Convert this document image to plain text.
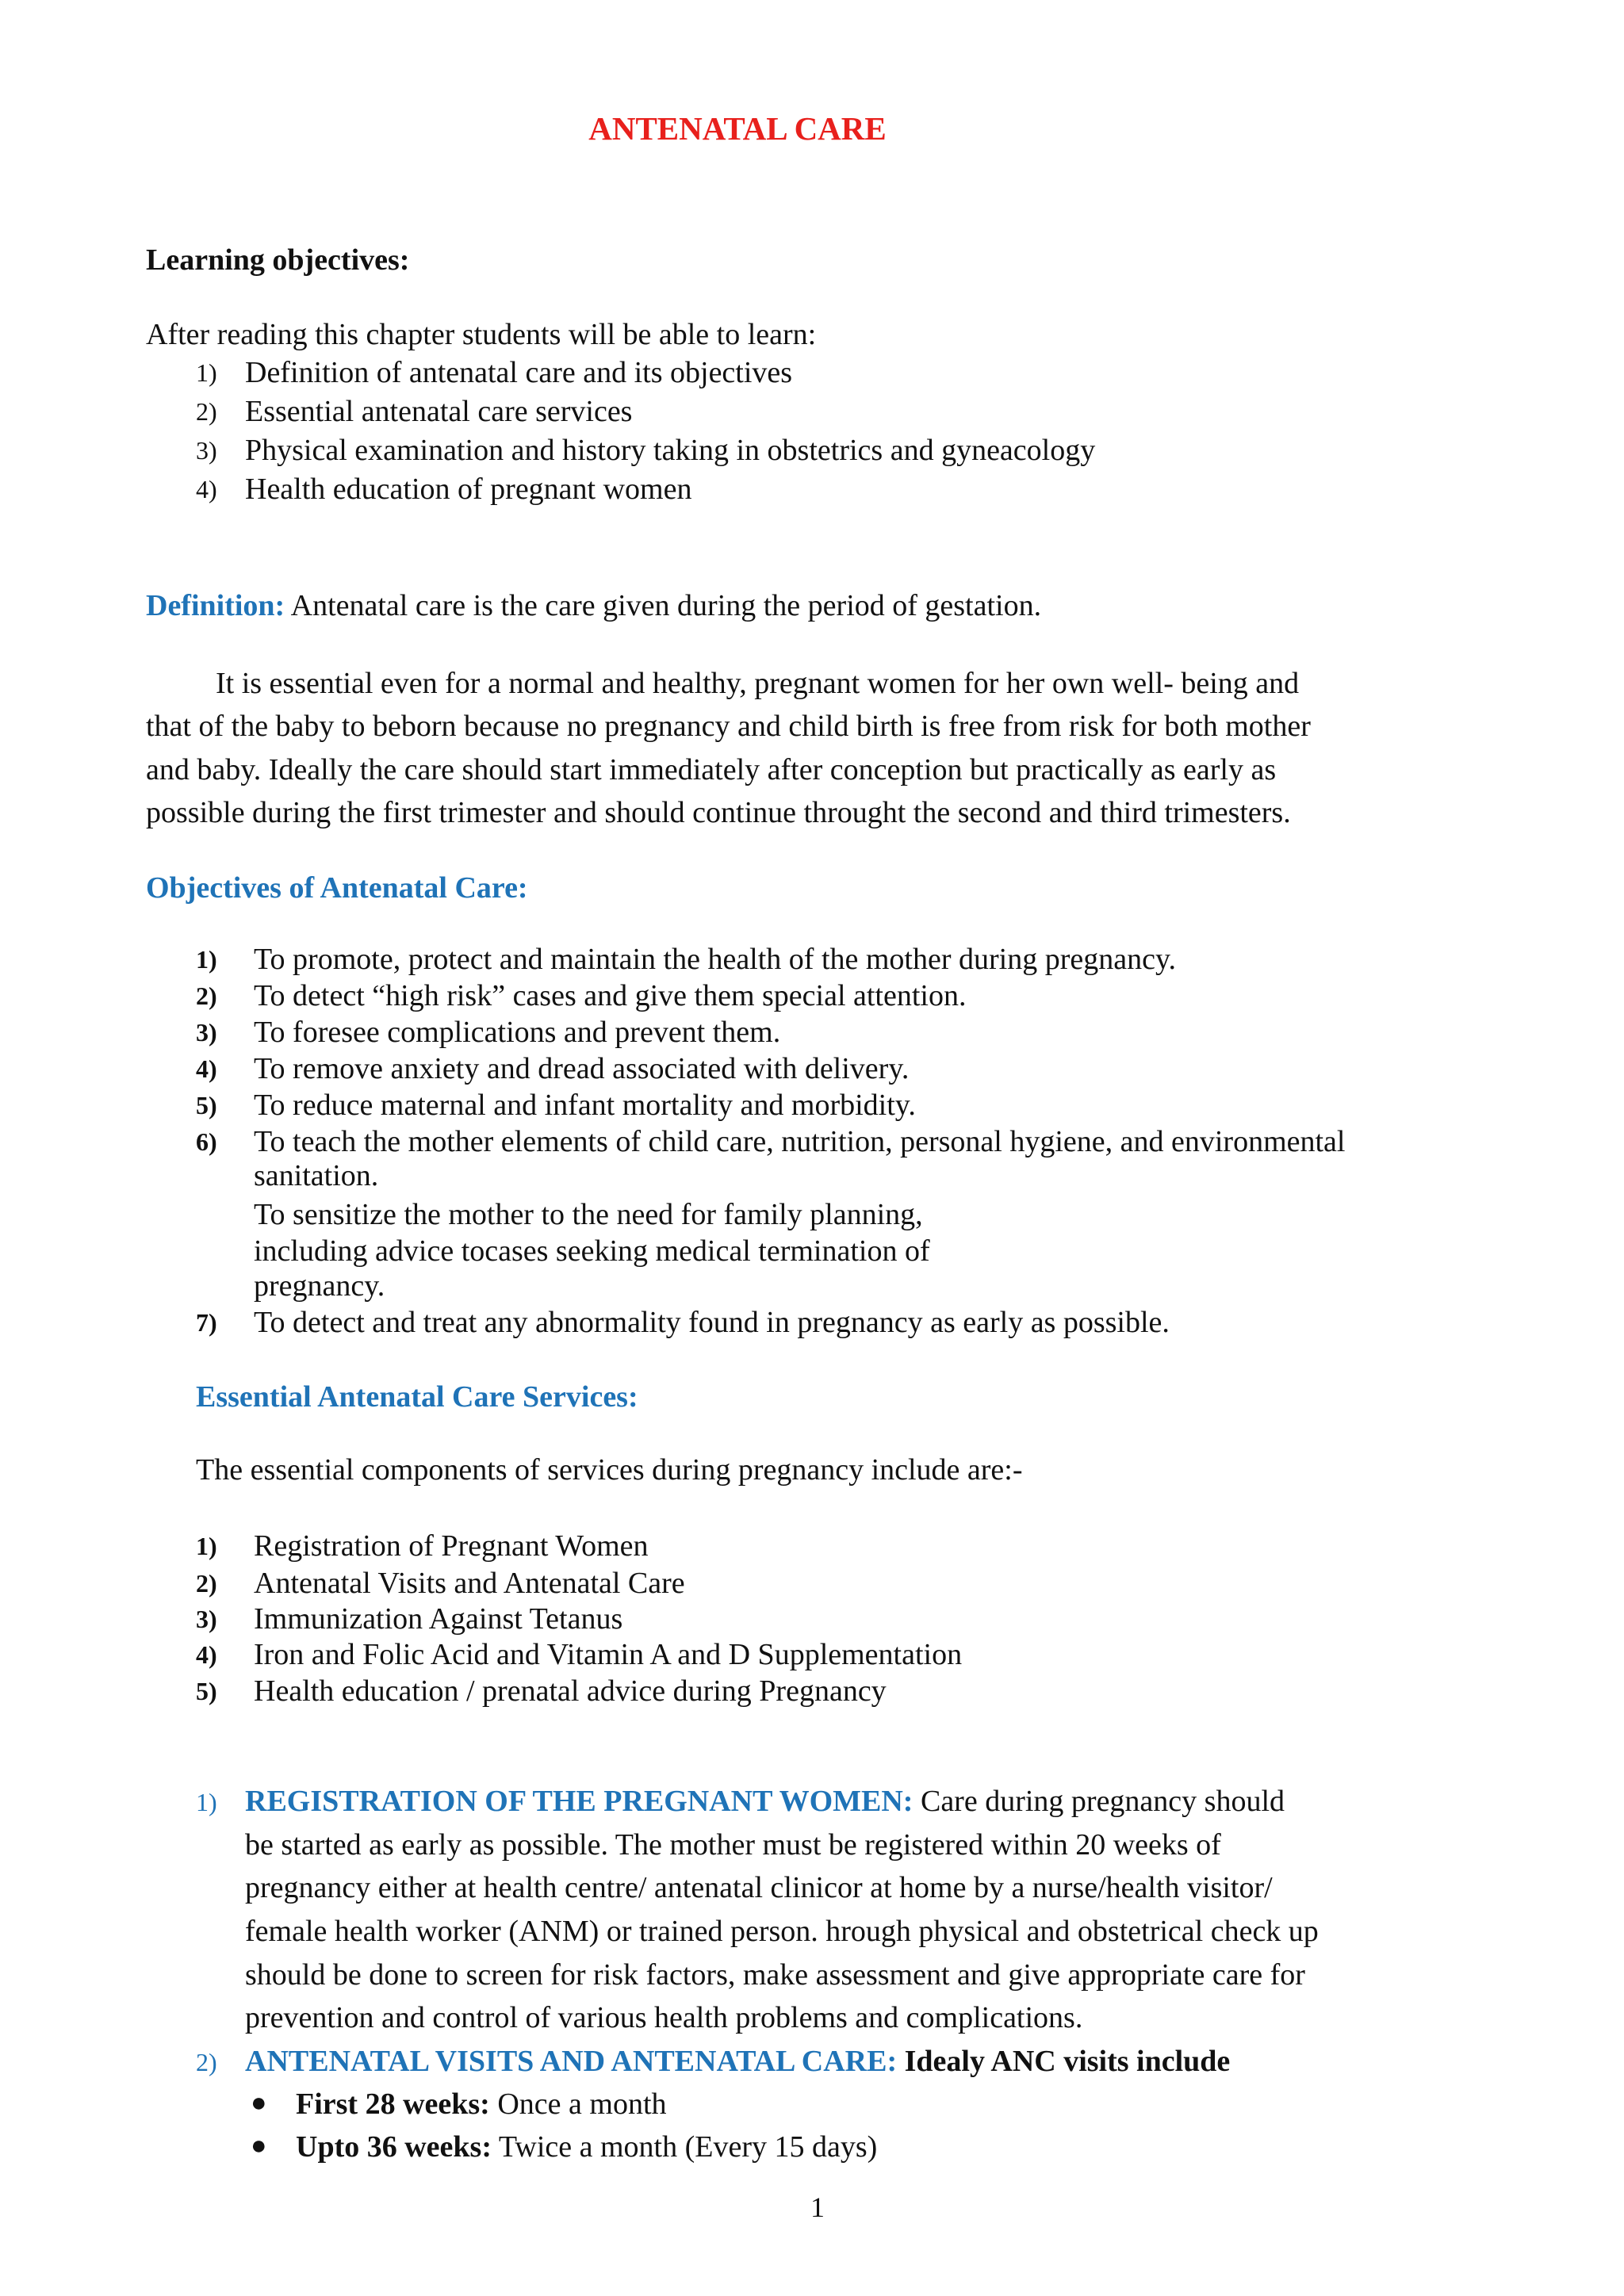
ANTENATAL CARE
Learning objectives:
After reading this chapter students will be able to learn:
1) Definition of antenatal care and its objectives
2) Essential antenatal care services
3) Physical examination and history taking in obstetrics and gyneacology
4) Health education of pregnant women
Definition: Antenatal care is the care given during the period of gestation.
It is essential even for a normal and healthy, pregnant women for her own well- being and
that of the baby to beborn because no pregnancy and child birth is free from risk for both mother
and baby. Ideally the care should start immediately after conception but practically as early as
possible during the first trimester and should continue throught the second and third trimesters.
Objectives of Antenatal Care:
1) To promote, protect and maintain the health of the mother during pregnancy.
2) To detect “high risk” cases and give them special attention.
3) To foresee complications and prevent them.
4) To remove anxiety and dread associated with delivery.
5) To reduce maternal and infant mortality and morbidity.
6) To teach the mother elements of child care, nutrition, personal hygiene, and environmental
sanitation.
To sensitize the mother to the need for family planning,
including advice tocases seeking medical termination of
pregnancy.
7) To detect and treat any abnormality found in pregnancy as early as possible.
Essential Antenatal Care Services:
The essential components of services during pregnancy include are:-
1) Registration of Pregnant Women
2) Antenatal Visits and Antenatal Care
3) Immunization Against Tetanus
4) Iron and Folic Acid and Vitamin A and D Supplementation
5) Health education / prenatal advice during Pregnancy
1) REGISTRATION OF THE PREGNANT WOMEN: Care during pregnancy should
be started as early as possible. The mother must be registered within 20 weeks of
pregnancy either at health centre/ antenatal clinicor at home by a nurse/health visitor/
female health worker (ANM) or trained person. hrough physical and obstetrical check up
should be done to screen for risk factors, make assessment and give appropriate care for
prevention and control of various health problems and complications.
2) ANTENATAL VISITS AND ANTENATAL CARE: Idealy ANC visits include
● First 28 weeks: Once a month
● Upto 36 weeks: Twice a month (Every 15 days)
1
